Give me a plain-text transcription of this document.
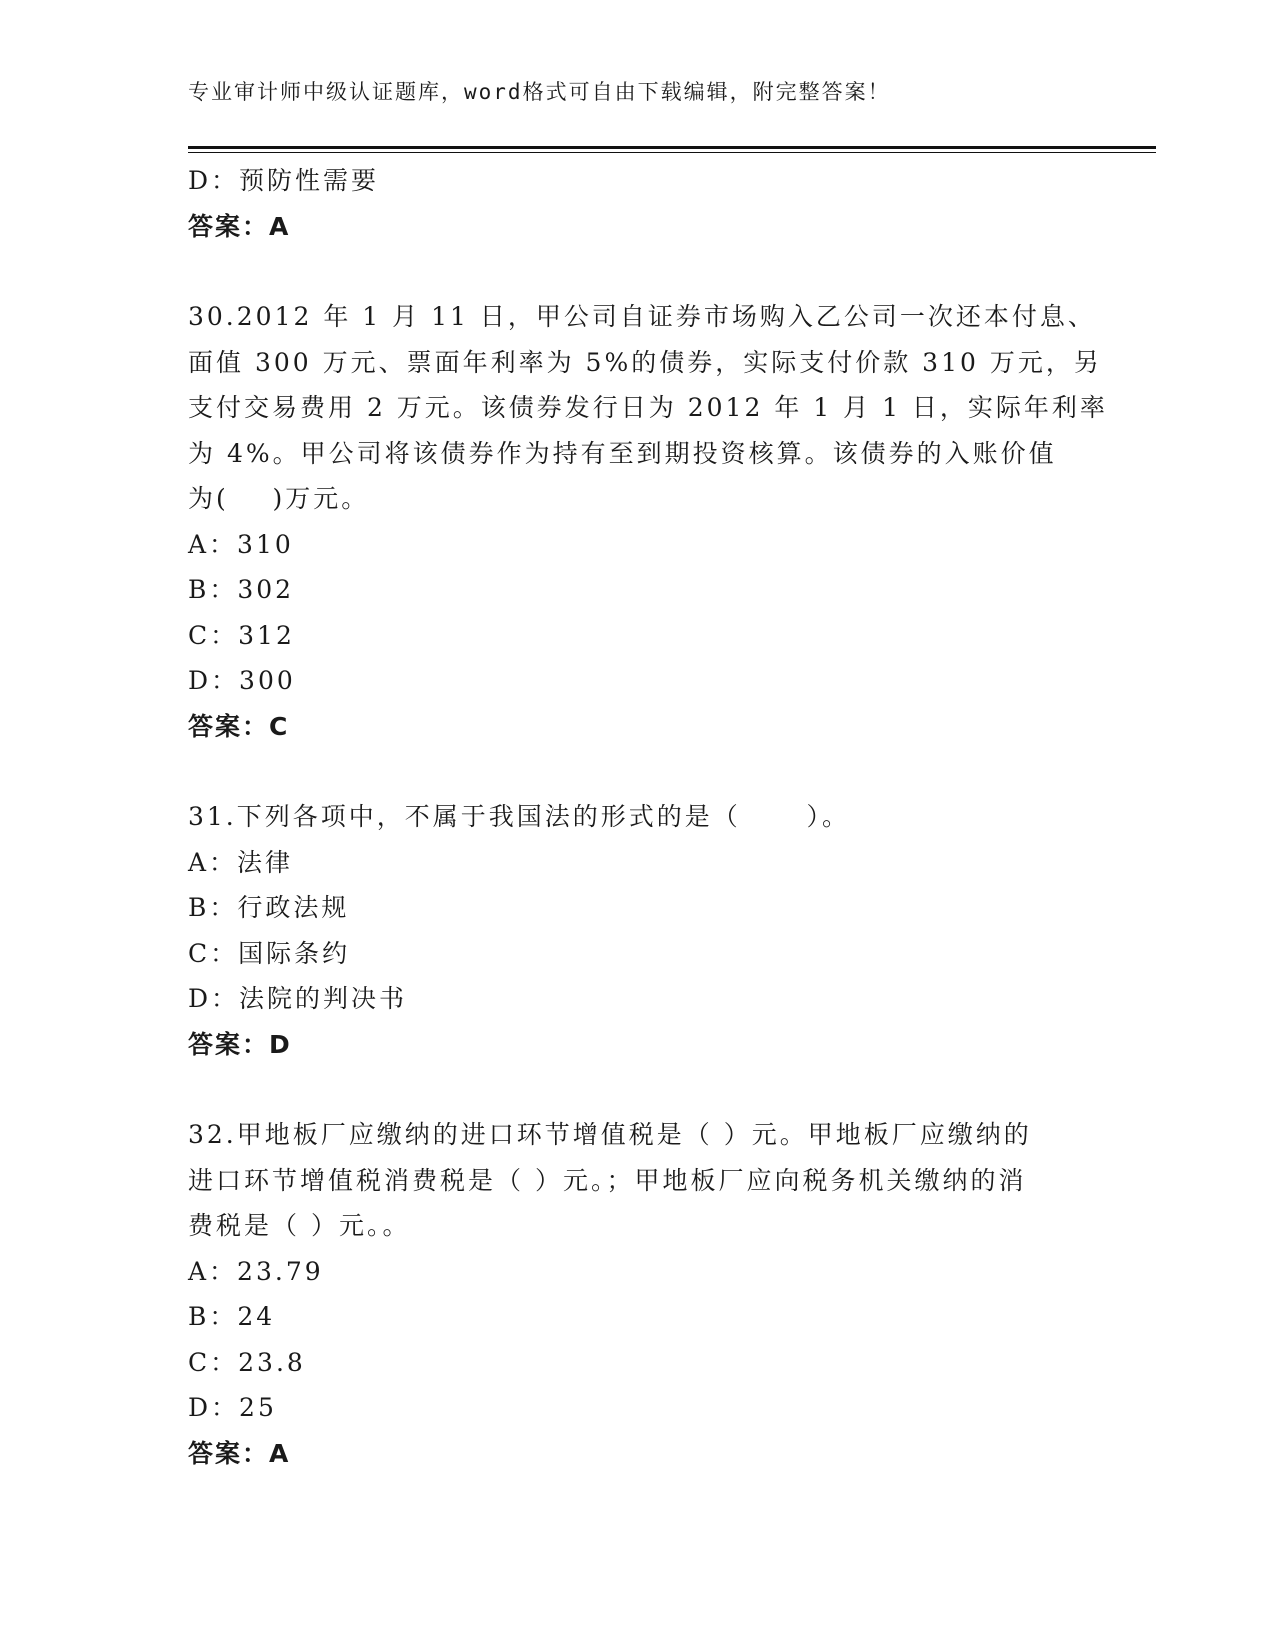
专业审计师中级认证题库，word格式可自由下载编辑，附完整答案！
D：预防性需要
答案：A
30.2012 年 1 月 11 日，甲公司自证券市场购入乙公司一次还本付息、
面值 300 万元、票面年利率为 5%的债券，实际支付价款 310 万元，另
支付交易费用 2 万元。该债券发行日为 2012 年 1 月 1 日，实际年利率
为 4%。甲公司将该债券作为持有至到期投资核算。该债券的入账价值
为(    )万元。
A：310
B：302
C：312
D：300
答案：C
31.下列各项中，不属于我国法的形式的是（      ）。
A：法律
B：行政法规
C：国际条约
D：法院的判决书
答案：D
32.甲地板厂应缴纳的进口环节增值税是（ ）元。甲地板厂应缴纳的
进口环节增值税消费税是（ ）元。；甲地板厂应向税务机关缴纳的消
费税是（ ）元。。
A：23.79
B：24
C：23.8
D：25
答案：A
